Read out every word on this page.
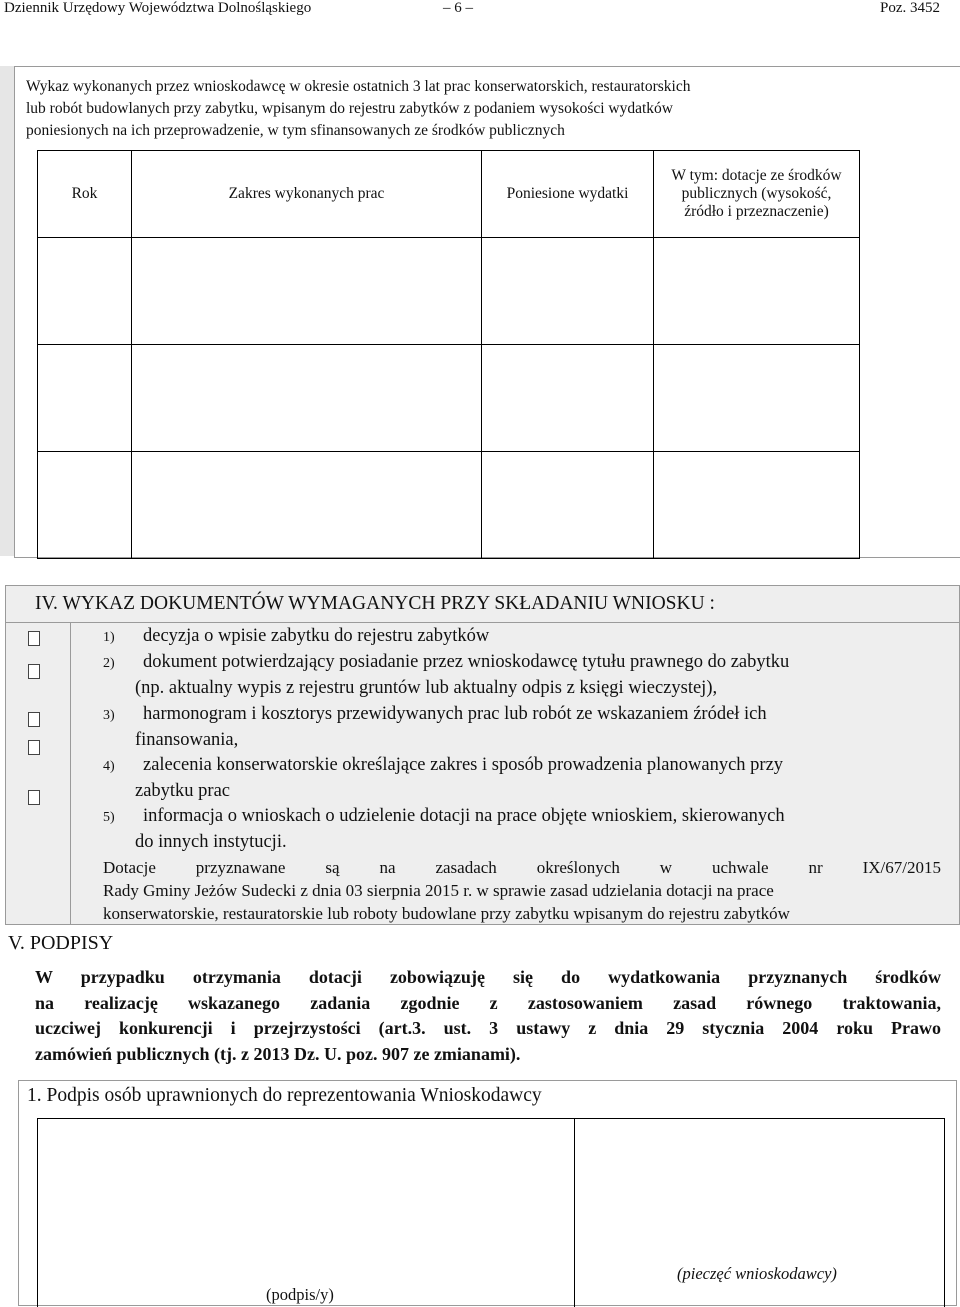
Dziennik Urzędowy Województwa Dolnośląskiego	– 6 –	Poz. 3452
Wykaz wykonanych przez wnioskodawcę w okresie ostatnich 3 lat prac konserwatorskich, restauratorskich
lub robót budowlanych przy zabytku, wpisanym do rejestru zabytków z podaniem wysokości wydatków
poniesionych na ich przeprowadzenie, w tym sfinansowanych ze środków publicznych
Rok	Zakres wykonanych prac	Poniesione wydatki	W tym: dotacje ze środków publicznych (wysokość, źródło i przeznaczenie)

IV. WYKAZ DOKUMENTÓW WYMAGANYCH PRZY SKŁADANIU WNIOSKU :
1) decyzja o wpisie zabytku do rejestru zabytków
2) dokument potwierdzający posiadanie przez wnioskodawcę tytułu prawnego do zabytku
(np. aktualny wypis z rejestru gruntów lub aktualny odpis z księgi wieczystej),
3) harmonogram i kosztorys przewidywanych prac lub robót ze wskazaniem źródeł ich
finansowania,
4) zalecenia konserwatorskie określające zakres i sposób prowadzenia planowanych przy
zabytku prac
5) informacja o wnioskach o udzielenie dotacji na prace objęte wnioskiem, skierowanych
do innych instytucji.
Dotacje przyznawane są na zasadach określonych w uchwale nr IX/67/2015
Rady Gminy Jeżów Sudecki z dnia 03 sierpnia 2015 r. w sprawie zasad udzielania dotacji na prace
konserwatorskie, restauratorskie lub roboty budowlane przy zabytku wpisanym do rejestru zabytków
V. PODPISY
W przypadku otrzymania dotacji zobowiązuję się do wydatkowania przyznanych środków
na realizację wskazanego zadania zgodnie z zastosowaniem zasad równego traktowania,
uczciwej konkurencji i przejrzystości (art.3. ust. 3 ustawy z dnia 29 stycznia 2004 roku Prawo
zamówień publicznych (tj. z 2013 Dz. U. poz. 907 ze zmianami).
1. Podpis osób uprawnionych do reprezentowania Wnioskodawcy
(podpis/y)
(pieczęć wnioskodawcy)
